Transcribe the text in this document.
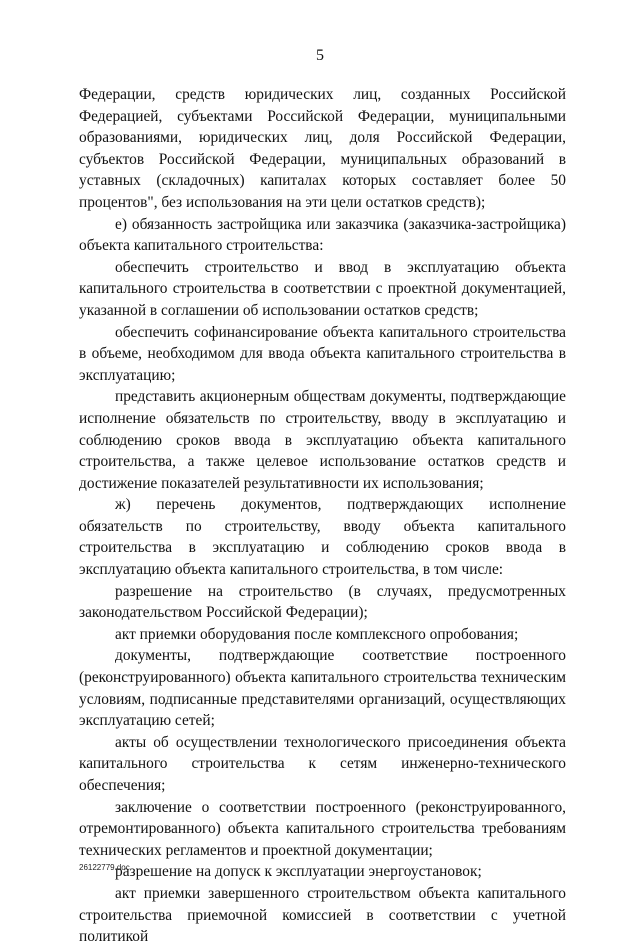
5

Федерации, средств юридических лиц, созданных Российской Федерацией, субъектами Российской Федерации, муниципальными образованиями, юридических лиц, доля Российской Федерации, субъектов Российской Федерации, муниципальных образований в уставных (складочных) капиталах которых составляет более 50 процентов", без использования на эти цели остатков средств);

е) обязанность застройщика или заказчика (заказчика-застройщика) объекта капитального строительства:

обеспечить строительство и ввод в эксплуатацию объекта капитального строительства в соответствии с проектной документацией, указанной в соглашении об использовании остатков средств;

обеспечить софинансирование объекта капитального строительства в объеме, необходимом для ввода объекта капитального строительства в эксплуатацию;

представить акционерным обществам документы, подтверждающие исполнение обязательств по строительству, вводу в эксплуатацию и соблюдению сроков ввода в эксплуатацию объекта капитального строительства, а также целевое использование остатков средств и достижение показателей результативности их использования;

ж) перечень документов, подтверждающих исполнение обязательств по строительству, вводу объекта капитального строительства в эксплуатацию и соблюдению сроков ввода в эксплуатацию объекта капитального строительства, в том числе:

разрешение на строительство (в случаях, предусмотренных законодательством Российской Федерации);

акт приемки оборудования после комплексного опробования;

документы, подтверждающие соответствие построенного (реконструированного) объекта капитального строительства техническим условиям, подписанные представителями организаций, осуществляющих эксплуатацию сетей;

акты об осуществлении технологического присоединения объекта капитального строительства к сетям инженерно-технического обеспечения;

заключение о соответствии построенного (реконструированного, отремонтированного) объекта капитального строительства требованиям технических регламентов и проектной документации;

разрешение на допуск к эксплуатации энергоустановок;

акт приемки завершенного строительством объекта капитального строительства приемочной комиссией в соответствии с учетной политикой

26122779.doc
